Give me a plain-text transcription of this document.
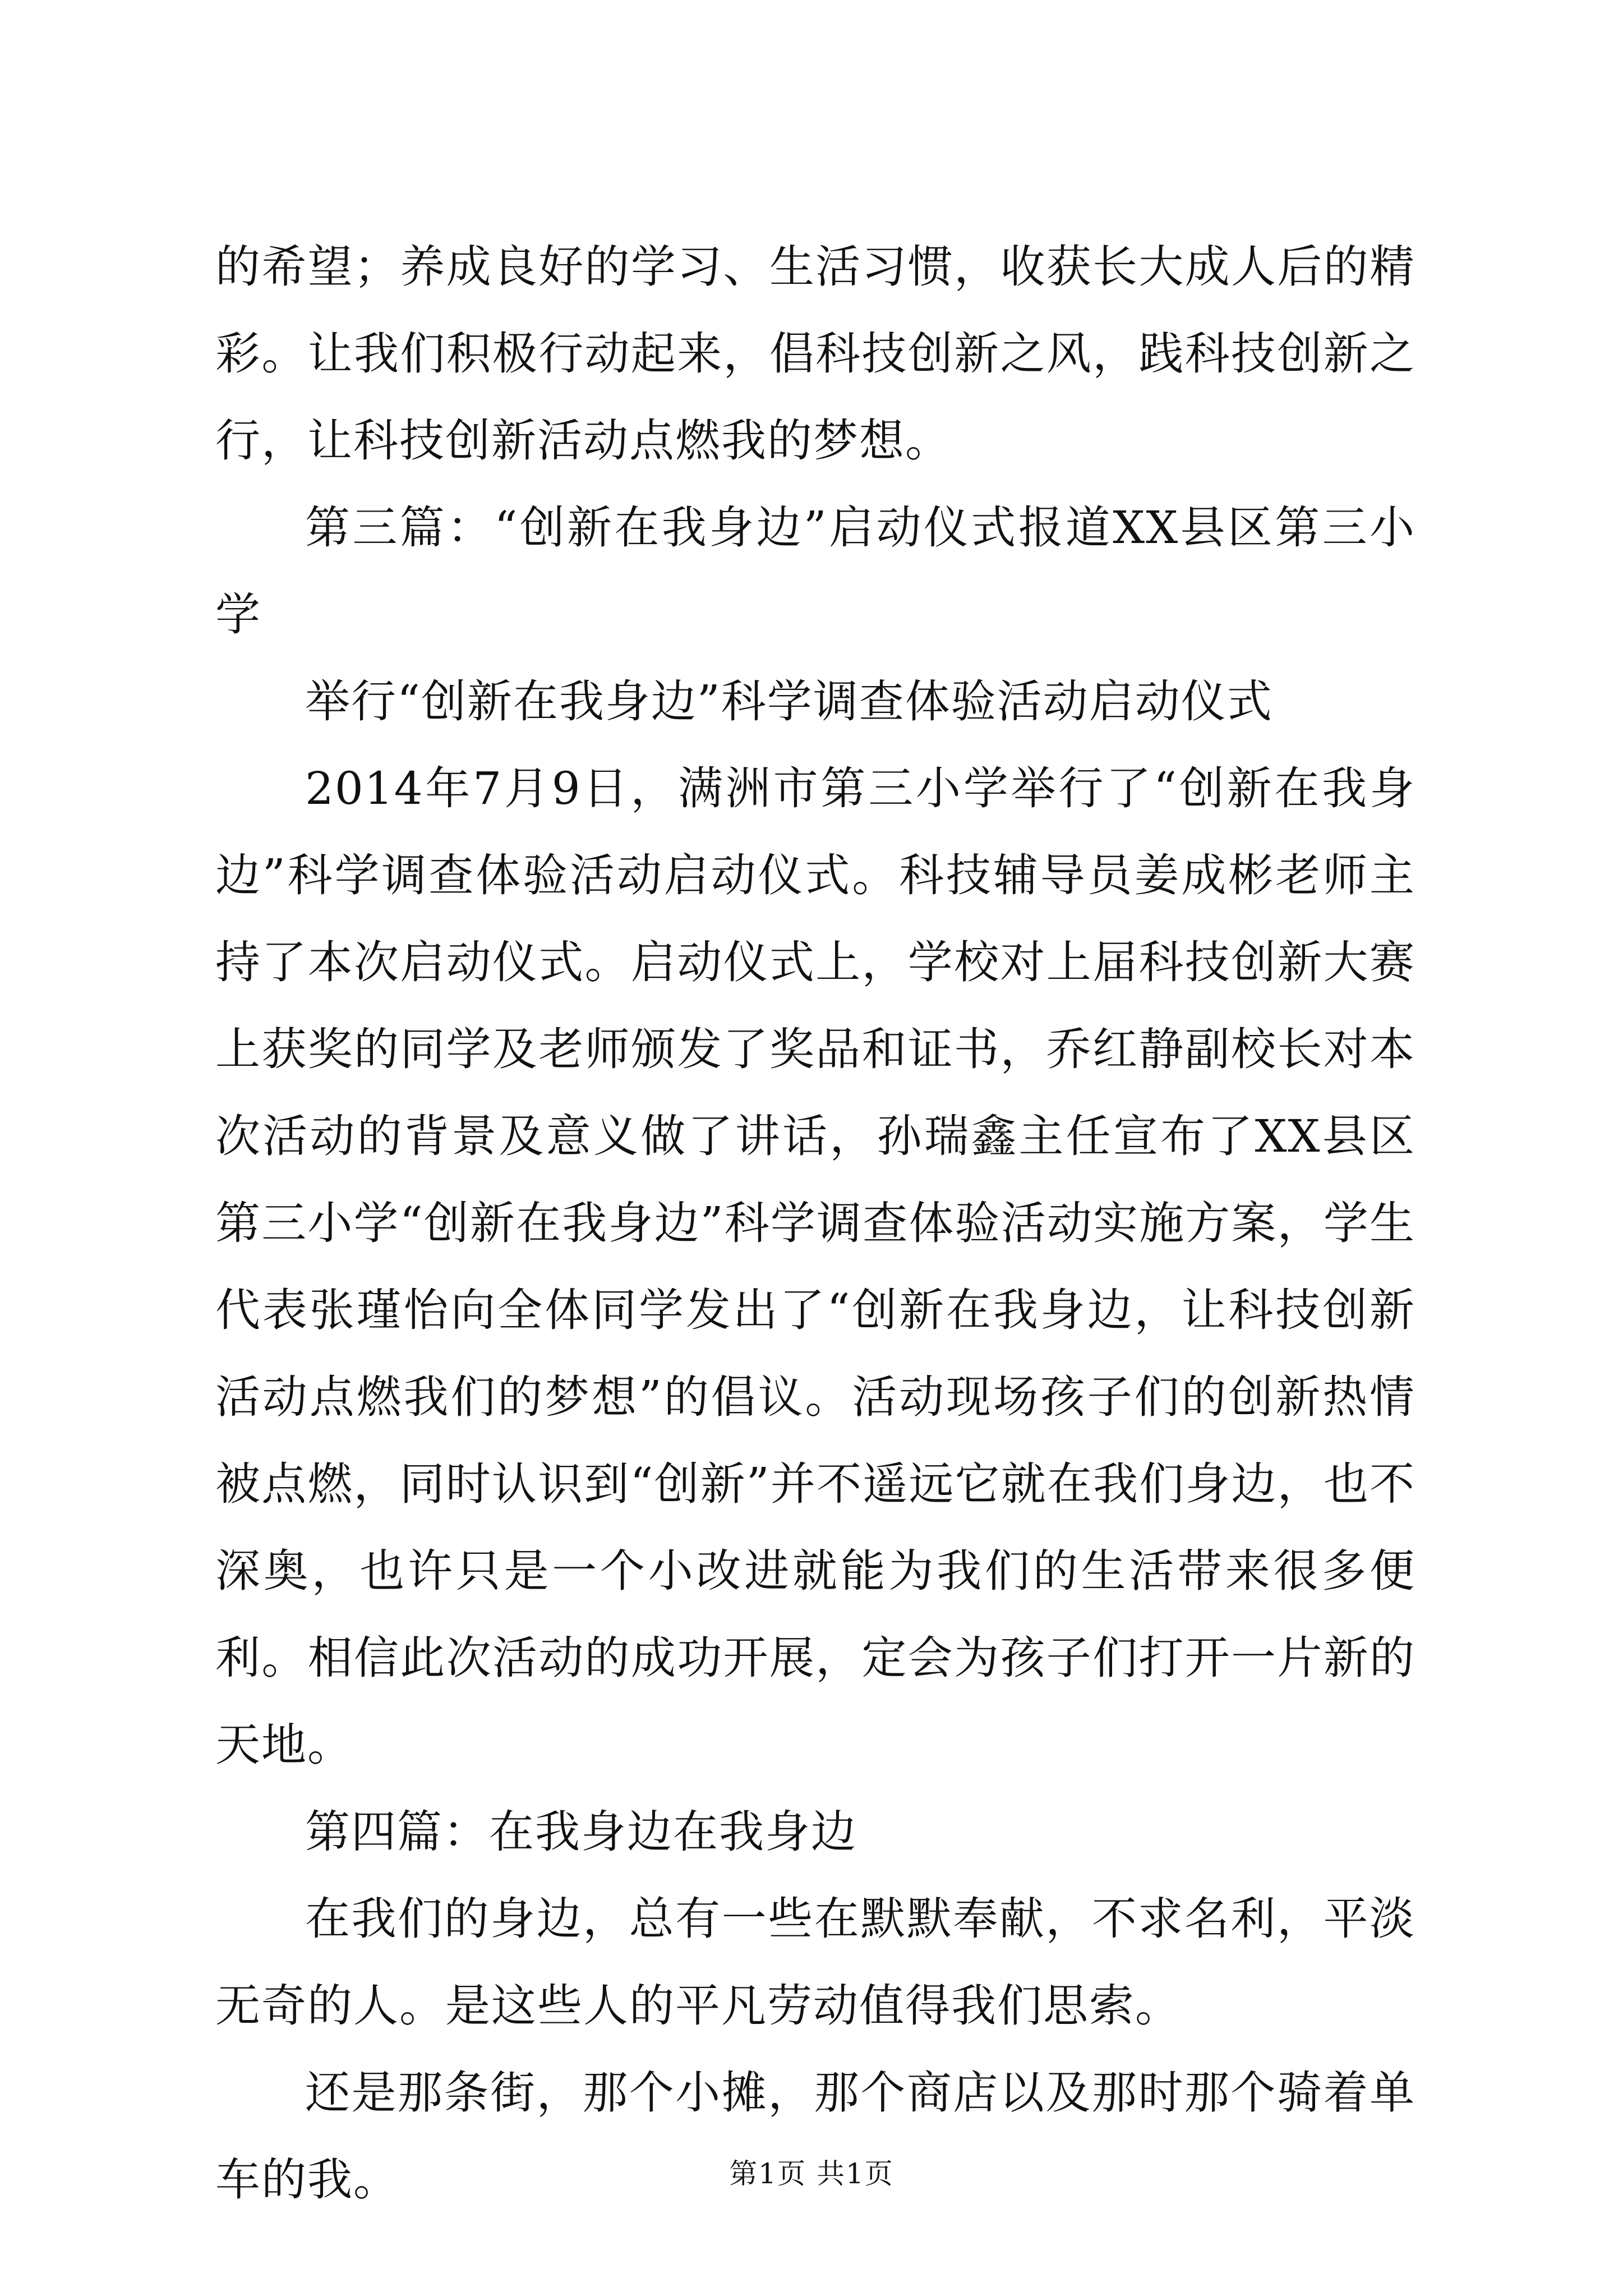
的希望；养成良好的学习、生活习惯，收获长大成人后的精彩。让我们积极行动起来，倡科技创新之风，践科技创新之行，让科技创新活动点燃我的梦想。

第三篇：“创新在我身边”启动仪式报道XX县区第三小学

举行“创新在我身边”科学调查体验活动启动仪式

2014年7月9日，满洲市第三小学举行了“创新在我身边”科学调查体验活动启动仪式。科技辅导员姜成彬老师主持了本次启动仪式。启动仪式上，学校对上届科技创新大赛上获奖的同学及老师颁发了奖品和证书，乔红静副校长对本次活动的背景及意义做了讲话，孙瑞鑫主任宣布了XX县区第三小学“创新在我身边”科学调查体验活动实施方案，学生代表张瑾怡向全体同学发出了“创新在我身边，让科技创新活动点燃我们的梦想”的倡议。活动现场孩子们的创新热情被点燃，同时认识到“创新”并不遥远它就在我们身边，也不深奥，也许只是一个小改进就能为我们的生活带来很多便利。相信此次活动的成功开展，定会为孩子们打开一片新的天地。

第四篇：在我身边在我身边

在我们的身边，总有一些在默默奉献，不求名利，平淡无奇的人。是这些人的平凡劳动值得我们思索。

还是那条街，那个小摊，那个商店以及那时那个骑着单车的我。	第1页 共1页
